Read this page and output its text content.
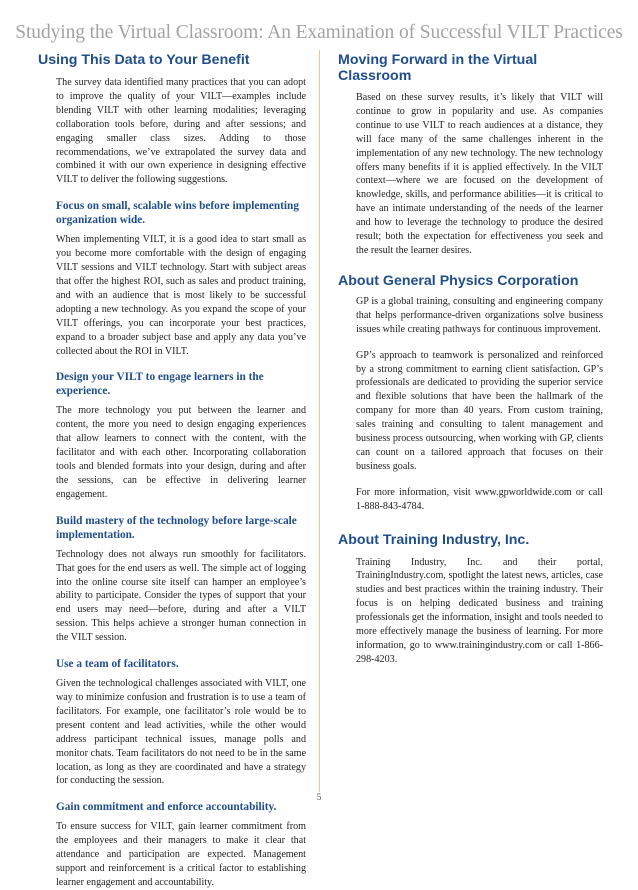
Studying the Virtual Classroom: An Examination of Successful VILT Practices
Using This Data to Your Benefit

The survey data identified many practices that you can adopt to improve the quality of your VILT—examples include blending VILT with other learning modalities; leveraging collaboration tools before, during and after sessions; and engaging smaller class sizes. Adding to those recommendations, we’ve extrapolated the survey data and combined it with our own experience in designing effective VILT to deliver the following suggestions.

Focus on small, scalable wins before implementing organization wide.

When implementing VILT, it is a good idea to start small as you become more comfortable with the design of engaging VILT sessions and VILT technology. Start with subject areas that offer the highest ROI, such as sales and product training, and with an audience that is most likely to be successful adopting a new technology. As you expand the scope of your VILT offerings, you can incorporate your best practices, expand to a broader subject base and apply any data you’ve collected about the ROI in VILT.

Design your VILT to engage learners in the experience.

The more technology you put between the learner and content, the more you need to design engaging experiences that allow learners to connect with the content, with the facilitator and with each other. Incorporating collaboration tools and blended formats into your design, during and after the sessions, can be effective in delivering learner engagement.

Build mastery of the technology before large-scale implementation.

Technology does not always run smoothly for facilitators. That goes for the end users as well. The simple act of logging into the online course site itself can hamper an employee’s ability to participate. Consider the types of support that your end users may need—before, during and after a VILT session. This helps achieve a stronger human connection in the VILT session.

Use a team of facilitators.

Given the technological challenges associated with VILT, one way to minimize confusion and frustration is to use a team of facilitators. For example, one facilitator’s role would be to present content and lead activities, while the other would address participant technical issues, manage polls and monitor chats. Team facilitators do not need to be in the same location, as long as they are coordinated and have a strategy for conducting the session.

Gain commitment and enforce accountability.

To ensure success for VILT, gain learner commitment from the employees and their managers to make it clear that attendance and participation are expected. Management support and reinforcement is a critical factor to establishing learner engagement and accountability.

Moving Forward in the Virtual Classroom

Based on these survey results, it’s likely that VILT will continue to grow in popularity and use. As companies continue to use VILT to reach audiences at a distance, they will face many of the same challenges inherent in the implementation of any new technology. The new technology offers many benefits if it is applied effectively. In the VILT context—where we are focused on the development of knowledge, skills, and performance abilities—it is critical to have an intimate understanding of the needs of the learner and how to leverage the technology to produce the desired result; both the expectation for effectiveness you seek and the result the learner desires.

About General Physics Corporation

GP is a global training, consulting and engineering company that helps performance-driven organizations solve business issues while creating pathways for continuous improvement.

GP’s approach to teamwork is personalized and reinforced by a strong commitment to earning client satisfaction. GP’s professionals are dedicated to providing the superior service and flexible solutions that have been the hallmark of the company for more than 40 years. From custom training, sales training and consulting to talent management and business process outsourcing, when working with GP, clients can count on a tailored approach that focuses on their business goals.

For more information, visit www.gpworldwide.com or call 1-888-843-4784.

About Training Industry, Inc.

Training Industry, Inc. and their portal, TrainingIndustry.com, spotlight the latest news, articles, case studies and best practices within the training industry. Their focus is on helping dedicated business and training professionals get the information, insight and tools needed to more effectively manage the business of learning. For more information, go to www.trainingindustry.com or call 1-866-298-4203.

5
